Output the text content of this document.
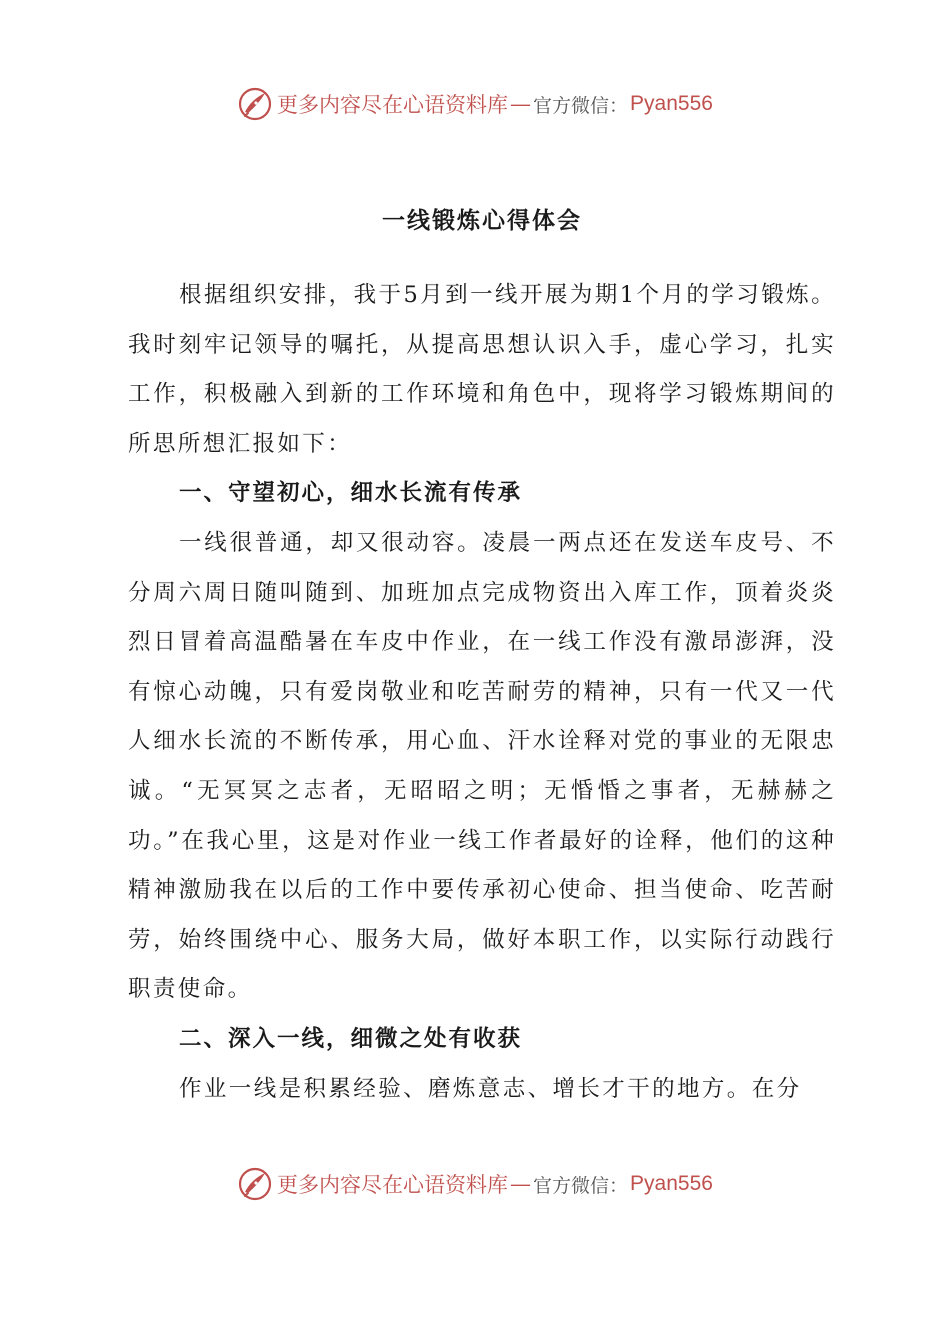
更多内容尽在心语资料库 — 官方微信： Pyan556
一线锻炼心得体会

根据组织安排，我于5月到一线开展为期1个月的学习锻炼。我时刻牢记领导的嘱托，从提高思想认识入手，虚心学习，扎实工作，积极融入到新的工作环境和角色中，现将学习锻炼期间的所思所想汇报如下：

一、守望初心，细水长流有传承

一线很普通，却又很动容。凌晨一两点还在发送车皮号、不分周六周日随叫随到、加班加点完成物资出入库工作，顶着炎炎烈日冒着高温酷暑在车皮中作业，在一线工作没有激昂澎湃，没有惊心动魄，只有爱岗敬业和吃苦耐劳的精神，只有一代又一代人细水长流的不断传承，用心血、汗水诠释对党的事业的无限忠诚。“无冥冥之志者，无昭昭之明；无惛惛之事者，无赫赫之功。”在我心里，这是对作业一线工作者最好的诠释，他们的这种精神激励我在以后的工作中要传承初心使命、担当使命、吃苦耐劳，始终围绕中心、服务大局，做好本职工作，以实际行动践行职责使命。

二、深入一线，细微之处有收获

作业一线是积累经验、磨炼意志、增长才干的地方。在分

更多内容尽在心语资料库 — 官方微信： Pyan556
